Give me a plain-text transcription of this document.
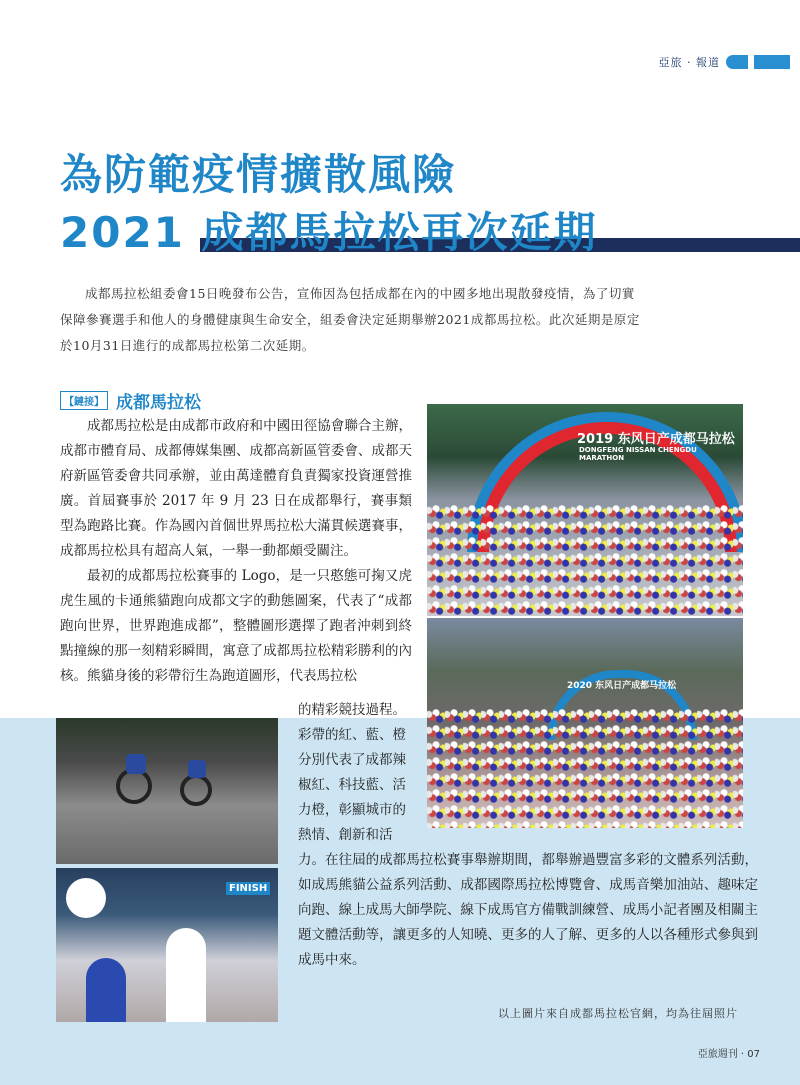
亞旅 · 報道
為防範疫情擴散風險
2021 成都馬拉松再次延期

成都馬拉松組委會15日晚發布公告，宣佈因為包括成都在內的中國多地出現散發疫情，為了切實保障參賽選手和他人的身體健康與生命安全，組委會決定延期舉辦2021成都馬拉松。此次延期是原定於10月31日進行的成都馬拉松第二次延期。

【 鏈接 】	成都馬拉松

成都馬拉松是由成都市政府和中國田徑協會聯合主辦，成都市體育局、成都傳媒集團、成都高新區管委會、成都天府新區管委會共同承辦，並由萬達體育負責獨家投資運營推廣。首屆賽事於 2017 年 9 月 23 日在成都舉行，賽事類型為跑路比賽。作為國內首個世界馬拉松大滿貫候選賽事，成都馬拉松具有超高人氣，一舉一動都頗受關注。

最初的成都馬拉松賽事的 Logo，是一只憨態可掬又虎虎生風的卡通熊貓跑向成都文字的動態圖案，代表了“成都跑向世界，世界跑進成都”，整體圖形選擇了跑者沖刺到終點撞線的那一刻精彩瞬間，寓意了成都馬拉松精彩勝利的內核。熊貓身後的彩帶衍生為跑道圖形，代表馬拉松

的精彩競技過程。彩帶的紅、藍、橙分別代表了成都辣椒紅、科技藍、活力橙，彰顯城市的熱情、創新和活力。 在往屆的成都馬拉松賽事舉辦期間，都舉辦過豐富多彩的文體系列活動，如成馬熊貓公益系列活動、成都國際馬拉松博覽會、成馬音樂加油站、趣味定向跑、線上成馬大師學院、線下成馬官方備戰訓練營、成馬小記者團及相關主題文體活動等，讓更多的人知曉、更多的人了解、更多的人以各種形式參與到成馬中來。

2019 东风日产成都马拉松
DONGFENG NISSAN CHENGDU MARATHON
2020 东风日产成都马拉松
FINISH
以上圖片來自成都馬拉松官網，均為往屆照片
亞旅週刊 · 07
